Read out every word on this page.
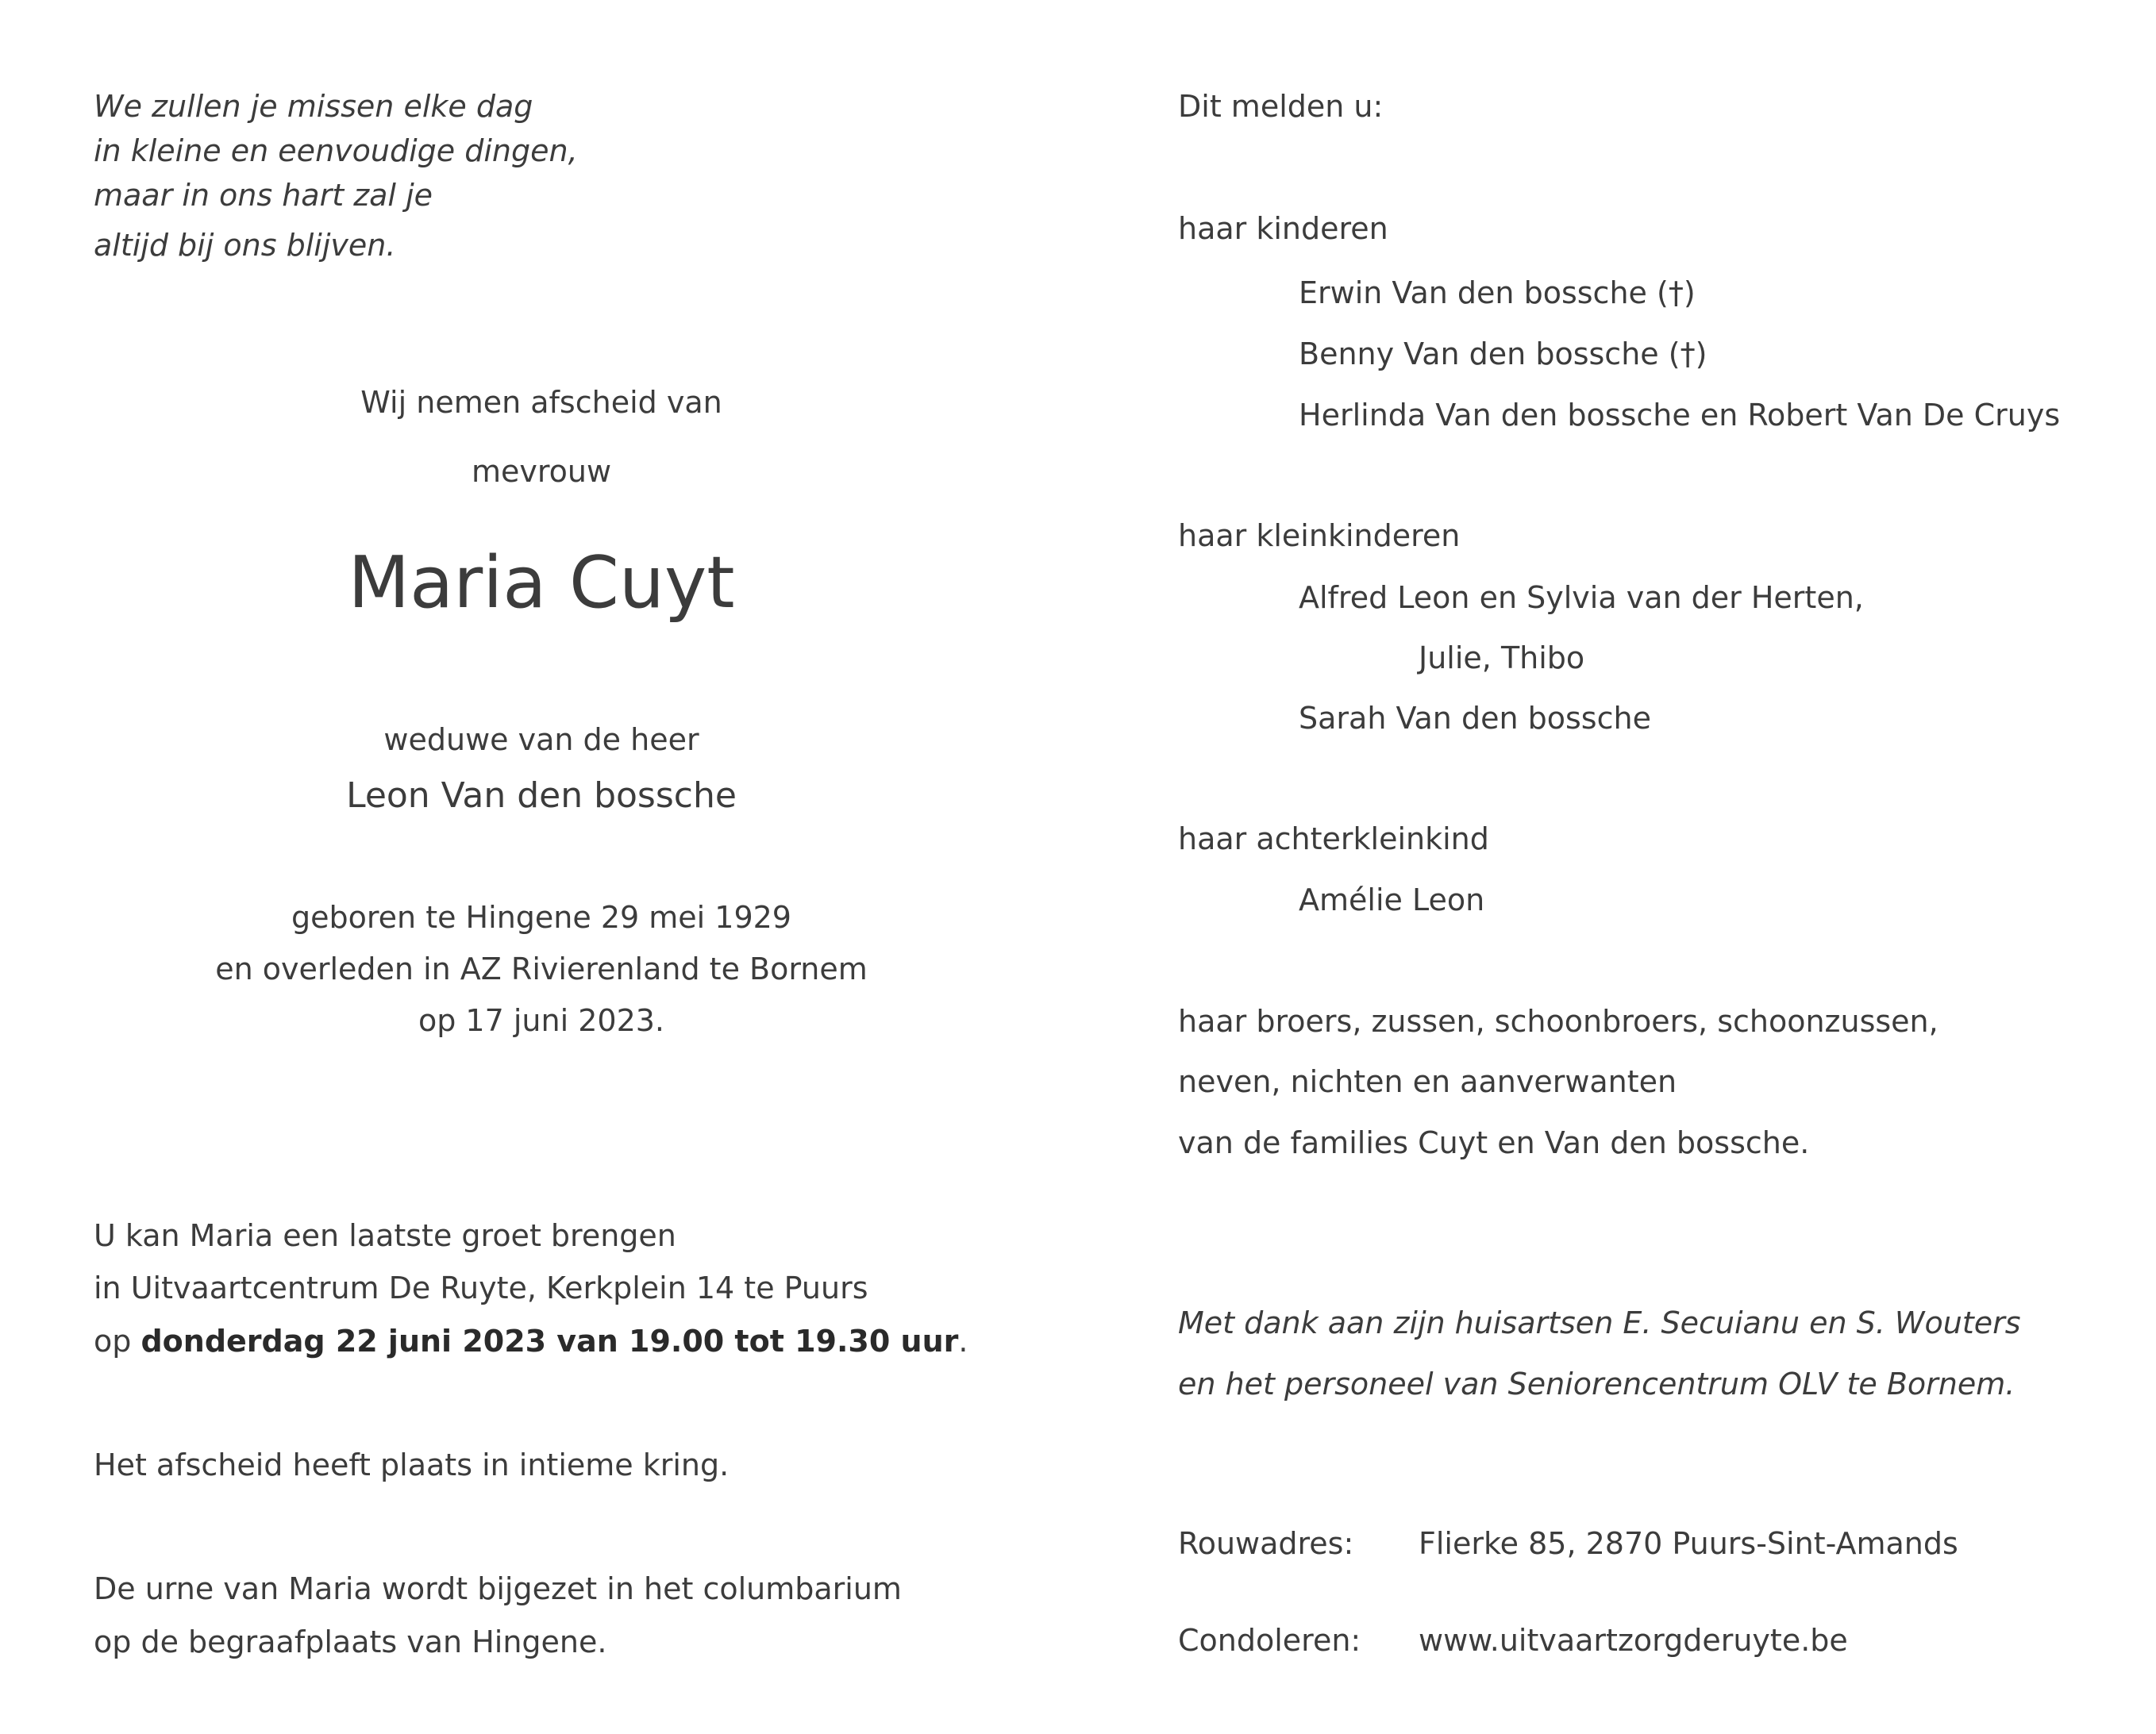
We zullen je missen elke dag
in kleine en eenvoudige dingen,
maar in ons hart zal je
altijd bij ons blijven.
Wij nemen afscheid van
mevrouw
Maria Cuyt
weduwe van de heer
Leon Van den bossche
geboren te Hingene 29 mei 1929
en overleden in AZ Rivierenland te Bornem
op 17 juni 2023.
U kan Maria een laatste groet brengen
in Uitvaartcentrum De Ruyte, Kerkplein 14 te Puurs
op donderdag 22 juni 2023 van 19.00 tot 19.30 uur.
Het afscheid heeft plaats in intieme kring.
De urne van Maria wordt bijgezet in het columbarium
op de begraafplaats van Hingene.
Dit melden u:
haar kinderen
Erwin Van den bossche (†)
Benny Van den bossche (†)
Herlinda Van den bossche en Robert Van De Cruys
haar kleinkinderen
Alfred Leon en Sylvia van der Herten,
Julie, Thibo
Sarah Van den bossche
haar achterkleinkind
Amélie Leon
haar broers, zussen, schoonbroers, schoonzussen,
neven, nichten en aanverwanten
van de families Cuyt en Van den bossche.
Met dank aan zijn huisartsen E. Secuianu en S. Wouters
en het personeel van Seniorencentrum OLV te Bornem.
Rouwadres: Flierke 85, 2870 Puurs-Sint-Amands
Condoleren: www.uitvaartzorgderuyte.be
